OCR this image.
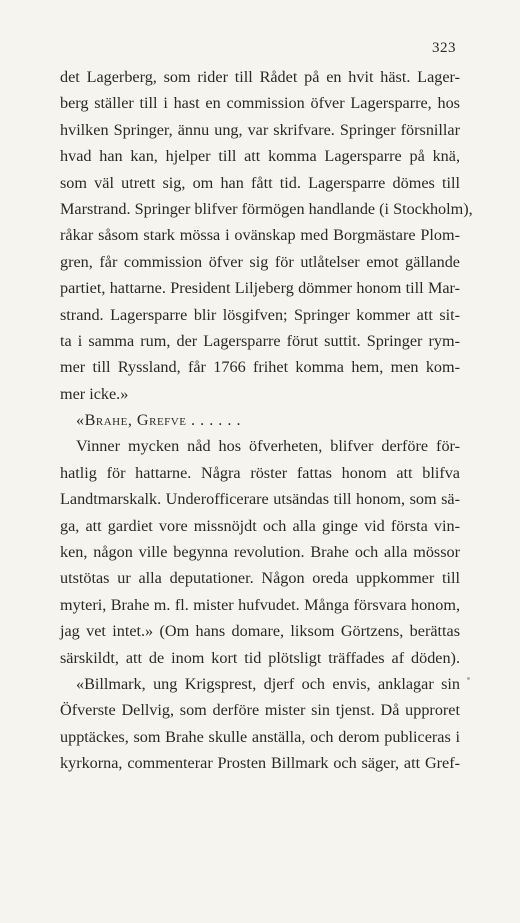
323
det Lagerberg, som rider till Rådet på en hvit häst. Lager-
berg ställer till i hast en commission öfver Lagersparre, hos
hvilken Springer, ännu ung, var skrifvare. Springer försnillar
hvad han kan, hjelper till att komma Lagersparre på knä,
som väl utrett sig, om han fått tid. Lagersparre dömes till
Marstrand. Springer blifver förmögen handlande (i Stockholm),
råkar såsom stark mössa i ovänskap med Borgmästare Plom-
gren, får commission öfver sig för utlåtelser emot gällande
partiet, hattarne. President Liljeberg dömmer honom till Mar-
strand. Lagersparre blir lösgifven; Springer kommer att sit-
ta i samma rum, der Lagersparre förut suttit. Springer rym-
mer till Ryssland, får 1766 frihet komma hem, men kom-
mer icke.»
«Brahe, Grefve . . . . . .
Vinner mycken nåd hos öfverheten, blifver derföre för-
hatlig för hattarne. Några röster fattas honom att blifva
Landtmarskalk. Underofficerare utsändas till honom, som sä-
ga, att gardiet vore missnöjdt och alla ginge vid första vin-
ken, någon ville begynna revolution. Brahe och alla mössor
utstötas ur alla deputationer. Någon oreda uppkommer till
myteri, Brahe m. fl. mister hufvudet. Många försvara honom,
jag vet intet.» (Om hans domare, liksom Görtzens, berättas
särskildt, att de inom kort tid plötsligt träffades af döden).
«Billmark, ung Krigsprest, djerf och envis, anklagar sin
Öfverste Dellvig, som derföre mister sin tjenst. Då upproret
upptäckes, som Brahe skulle anställa, och derom publiceras i
kyrkorna, commenterar Prosten Billmark och säger, att Gref-
